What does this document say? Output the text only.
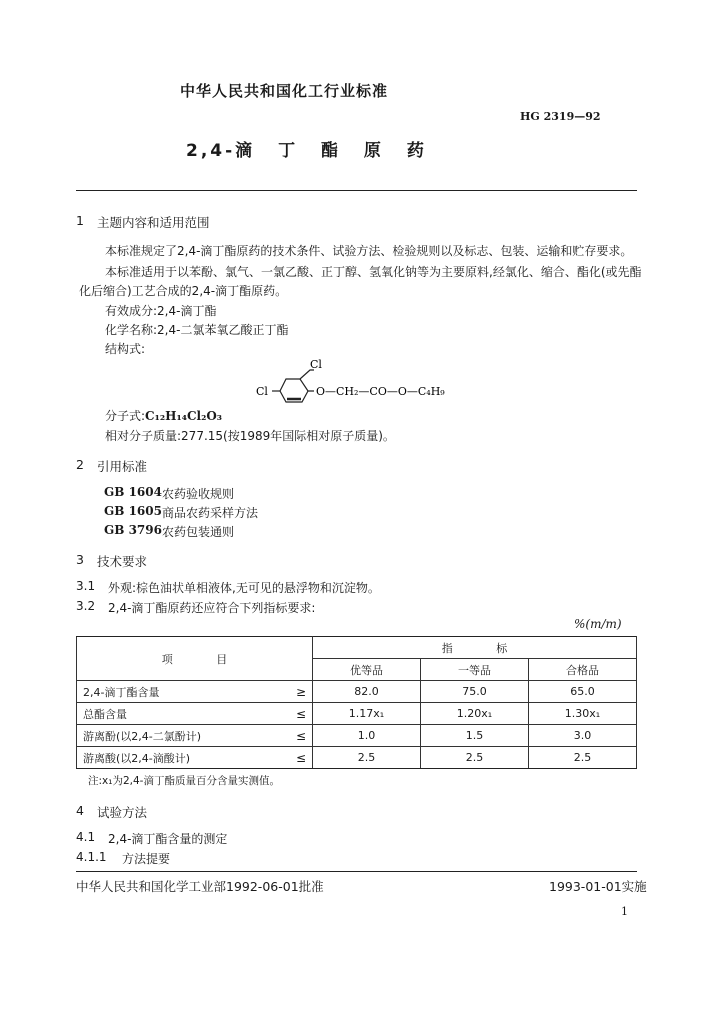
中华人民共和国化工行业标准
HG 2319—92
2,4-滴 丁 酯 原 药
1 主题内容和适用范围
本标准规定了2,4-滴丁酯原药的技术条件、试验方法、检验规则以及标志、包装、运输和贮存要求。
本标准适用于以苯酚、氯气、一氯乙酸、正丁醇、氢氧化钠等为主要原料,经氯化、缩合、酯化(或先酯
化后缩合)工艺合成的2,4-滴丁酯原药。
有效成分:2,4-滴丁酯
化学名称:2,4-二氯苯氧乙酸正丁酯
结构式:
Cl
Cl	O—CH₂—CO—O—C₄H₉
分子式:C₁₂H₁₄Cl₂O₃
相对分子质量:277.15(按1989年国际相对原子质量)。
2 引用标准
GB 1604 农药验收规则
GB 1605 商品农药采样方法
GB 3796 农药包装通则
3 技术要求
3.1 外观:棕色油状单相液体,无可见的悬浮物和沉淀物。
3.2 2,4-滴丁酯原药还应符合下列指标要求:
%(m/m)
项 目		指 标		
		优等品	一等品	合格品
2,4-滴丁酯含量	≥	82.0	75.0	65.0
总酯含量	≤	1.17x₁	1.20x₁	1.30x₁
游离酚(以2,4-二氯酚计)	≤	1.0	1.5	3.0
游离酸(以2,4-滴酸计)	≤	2.5	2.5	2.5
注:x₁为2,4-滴丁酯质量百分含量实测值。
4 试验方法
4.1 2,4-滴丁酯含量的测定
4.1.1 方法提要
中华人民共和国化学工业部1992-06-01批准	1993-01-01实施
1
